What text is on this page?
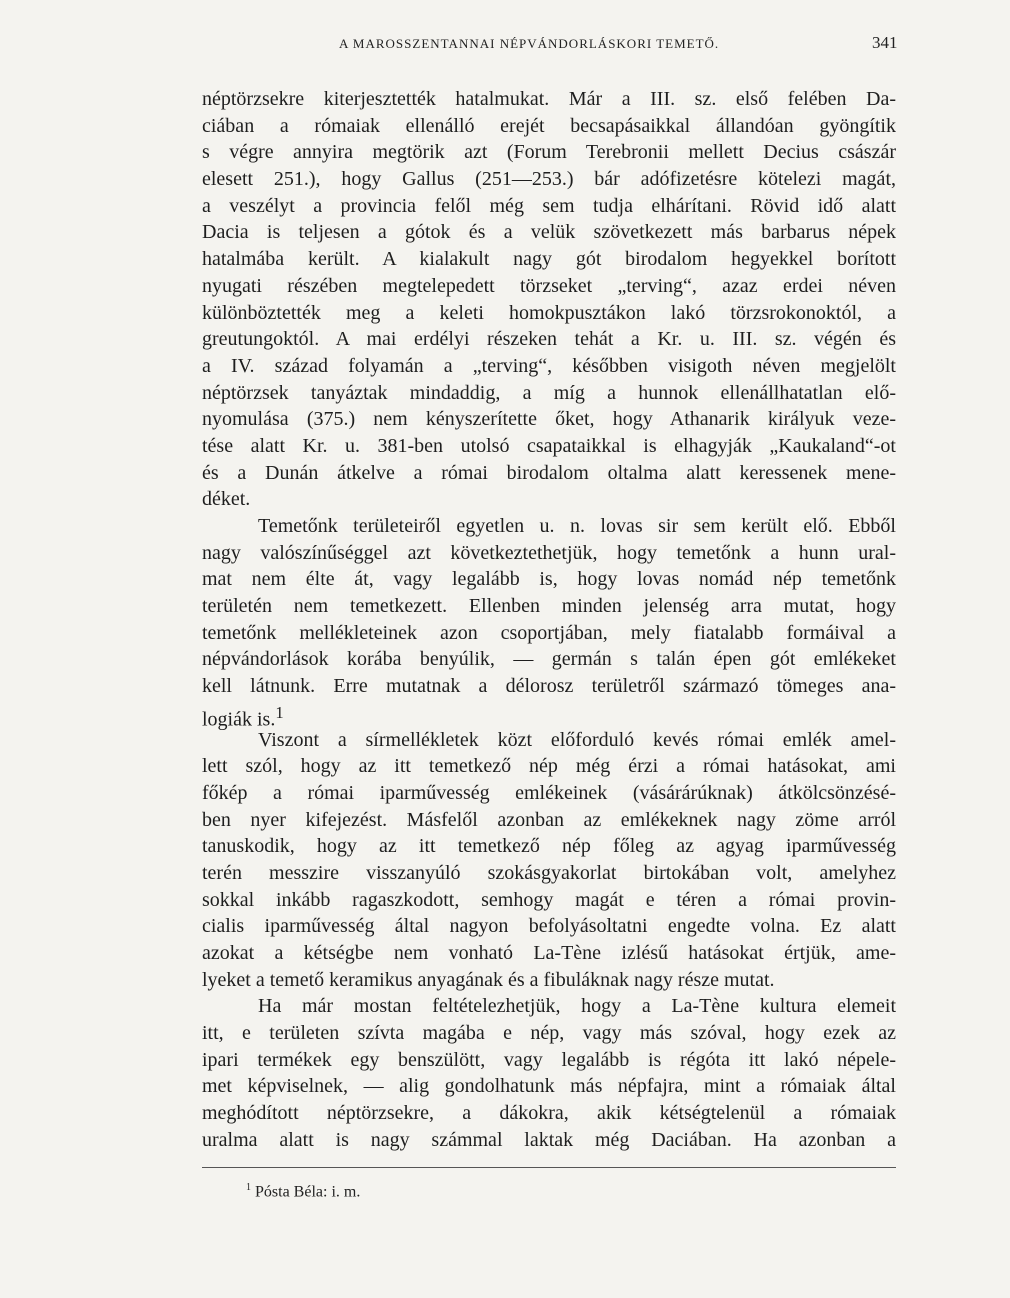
A MAROSSZENTANNAI NÉPVÁNDORLÁSKORI TEMETŐ.	341
néptörzsekre kiterjesztették hatalmukat. Már a III. sz. első felében Da-
ciában a rómaiak ellenálló erejét becsapásaikkal állandóan gyöngítik
s végre annyira megtörik azt (Forum Terebronii mellett Decius császár
elesett 251.), hogy Gallus (251—253.) bár adófizetésre kötelezi magát,
a veszélyt a provincia felől még sem tudja elhárítani. Rövid idő alatt
Dacia is teljesen a gótok és a velük szövetkezett más barbarus népek
hatalmába került. A kialakult nagy gót birodalom hegyekkel borított
nyugati részében megtelepedett törzseket „terving“, azaz erdei néven
különböztették meg a keleti homokpusztákon lakó törzsrokonoktól, a
greutungoktól. A mai erdélyi részeken tehát a Kr. u. III. sz. végén és
a IV. század folyamán a „terving“, későbben visigoth néven megjelölt
néptörzsek tanyáztak mindaddig, a míg a hunnok ellenállhatatlan elő-
nyomulása (375.) nem kényszerítette őket, hogy Athanarik királyuk veze-
tése alatt Kr. u. 381-ben utolsó csapataikkal is elhagyják „Kaukaland“-ot
és a Dunán átkelve a római birodalom oltalma alatt keressenek mene-
déket.
Temetőnk területeiről egyetlen u. n. lovas sir sem került elő. Ebből
nagy valószínűséggel azt következtethetjük, hogy temetőnk a hunn ural-
mat nem élte át, vagy legalább is, hogy lovas nomád nép temetőnk
területén nem temetkezett. Ellenben minden jelenség arra mutat, hogy
temetőnk mellékleteinek azon csoportjában, mely fiatalabb formáival a
népvándorlások korába benyúlik, — germán s talán épen gót emlékeket
kell látnunk. Erre mutatnak a délorosz területről származó tömeges ana-
logiák is.$^1$
Viszont a sírmellékletek közt előforduló kevés római emlék amel-
lett szól, hogy az itt temetkező nép még érzi a római hatásokat, ami
főkép a római iparművesség emlékeinek (vásárárúknak) átkölcsönzésé-
ben nyer kifejezést. Másfelől azonban az emlékeknek nagy zöme arról
tanuskodik, hogy az itt temetkező nép főleg az agyag iparművesség
terén messzire visszanyúló szokásgyakorlat birtokában volt, amelyhez
sokkal inkább ragaszkodott, semhogy magát e téren a római provin-
cialis iparművesség által nagyon befolyásoltatni engedte volna. Ez alatt
azokat a kétségbe nem vonható La-Tène izlésű hatásokat értjük, ame-
lyeket a temető keramikus anyagának és a fibuláknak nagy része mutat.
Ha már mostan feltételezhetjük, hogy a La-Tène kultura elemeit
itt, e területen szívta magába e nép, vagy más szóval, hogy ezek az
ipari termékek egy benszülött, vagy legalább is régóta itt lakó népele-
met képviselnek, — alig gondolhatunk más népfajra, mint a rómaiak által
meghódított néptörzsekre, a dákokra, akik kétségtelenül a rómaiak
uralma alatt is nagy számmal laktak még Daciában. Ha azonban a
$^1$ Pósta Béla: i. m.
